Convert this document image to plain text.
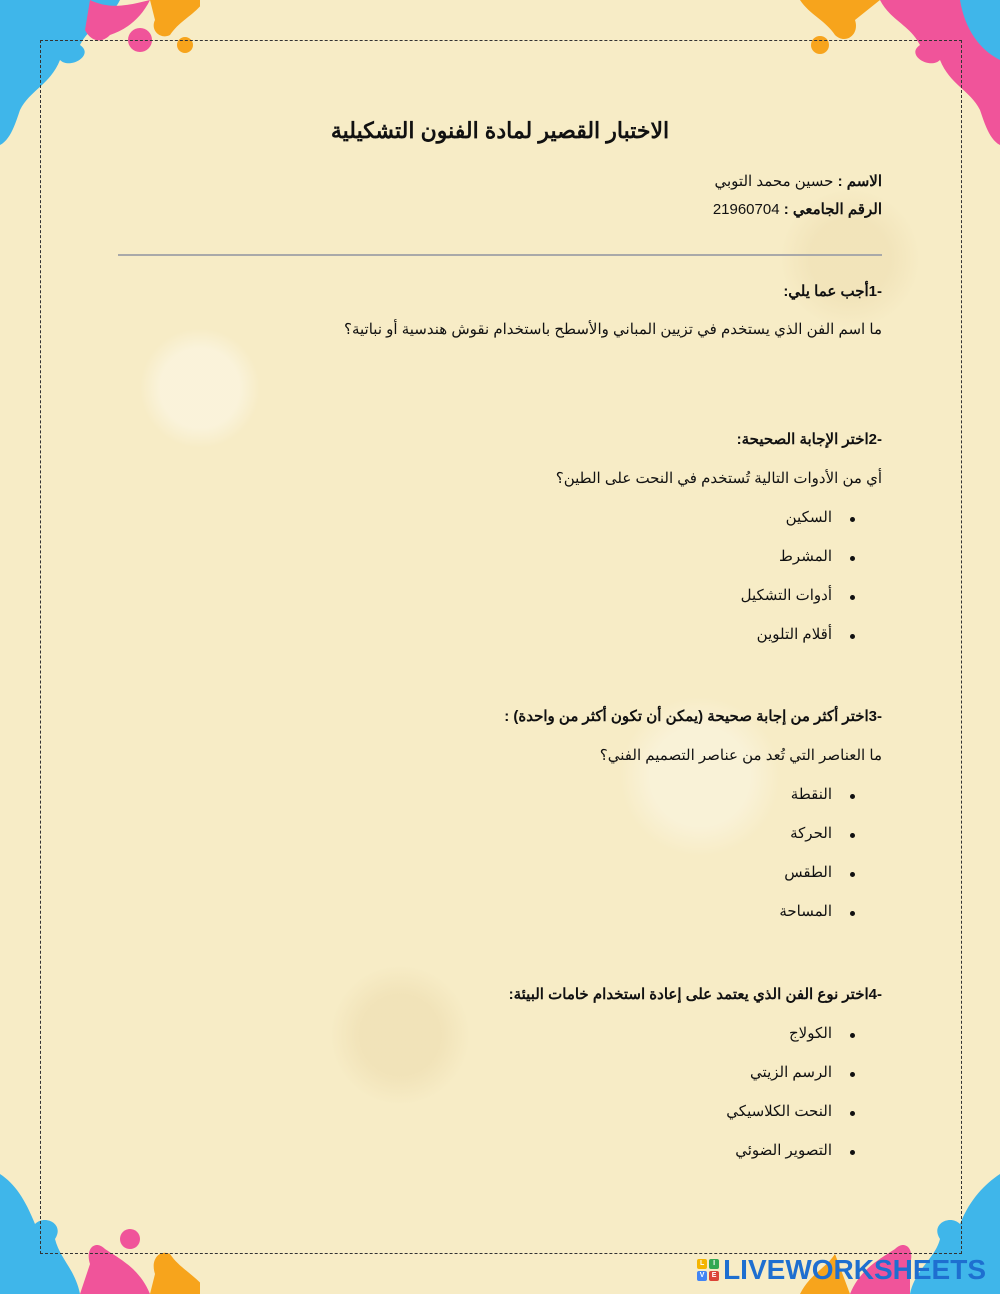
الاختبار القصير لمادة الفنون التشكيلية
الاسم : حسين محمد التوبي
الرقم الجامعي : 21960704
-1أجب عما يلي:
ما اسم الفن الذي يستخدم في تزيين المباني والأسطح باستخدام نقوش هندسية أو نباتية؟
-2اختر الإجابة الصحيحة:
أي من الأدوات التالية تُستخدم في النحت على الطين؟
السكين
المشرط
أدوات التشكيل
أقلام التلوين
-3اختر أكثر من إجابة صحيحة (يمكن أن تكون أكثر من واحدة) :
ما العناصر التي تُعد من عناصر التصميم الفني؟
النقطة
الحركة
الطقس
المساحة
-4اختر نوع الفن الذي يعتمد على إعادة استخدام خامات البيئة:
الكولاج
الرسم الزيتي
النحت الكلاسيكي
التصوير الضوئي
L	I
V	E LIVEWORKSHEETS
